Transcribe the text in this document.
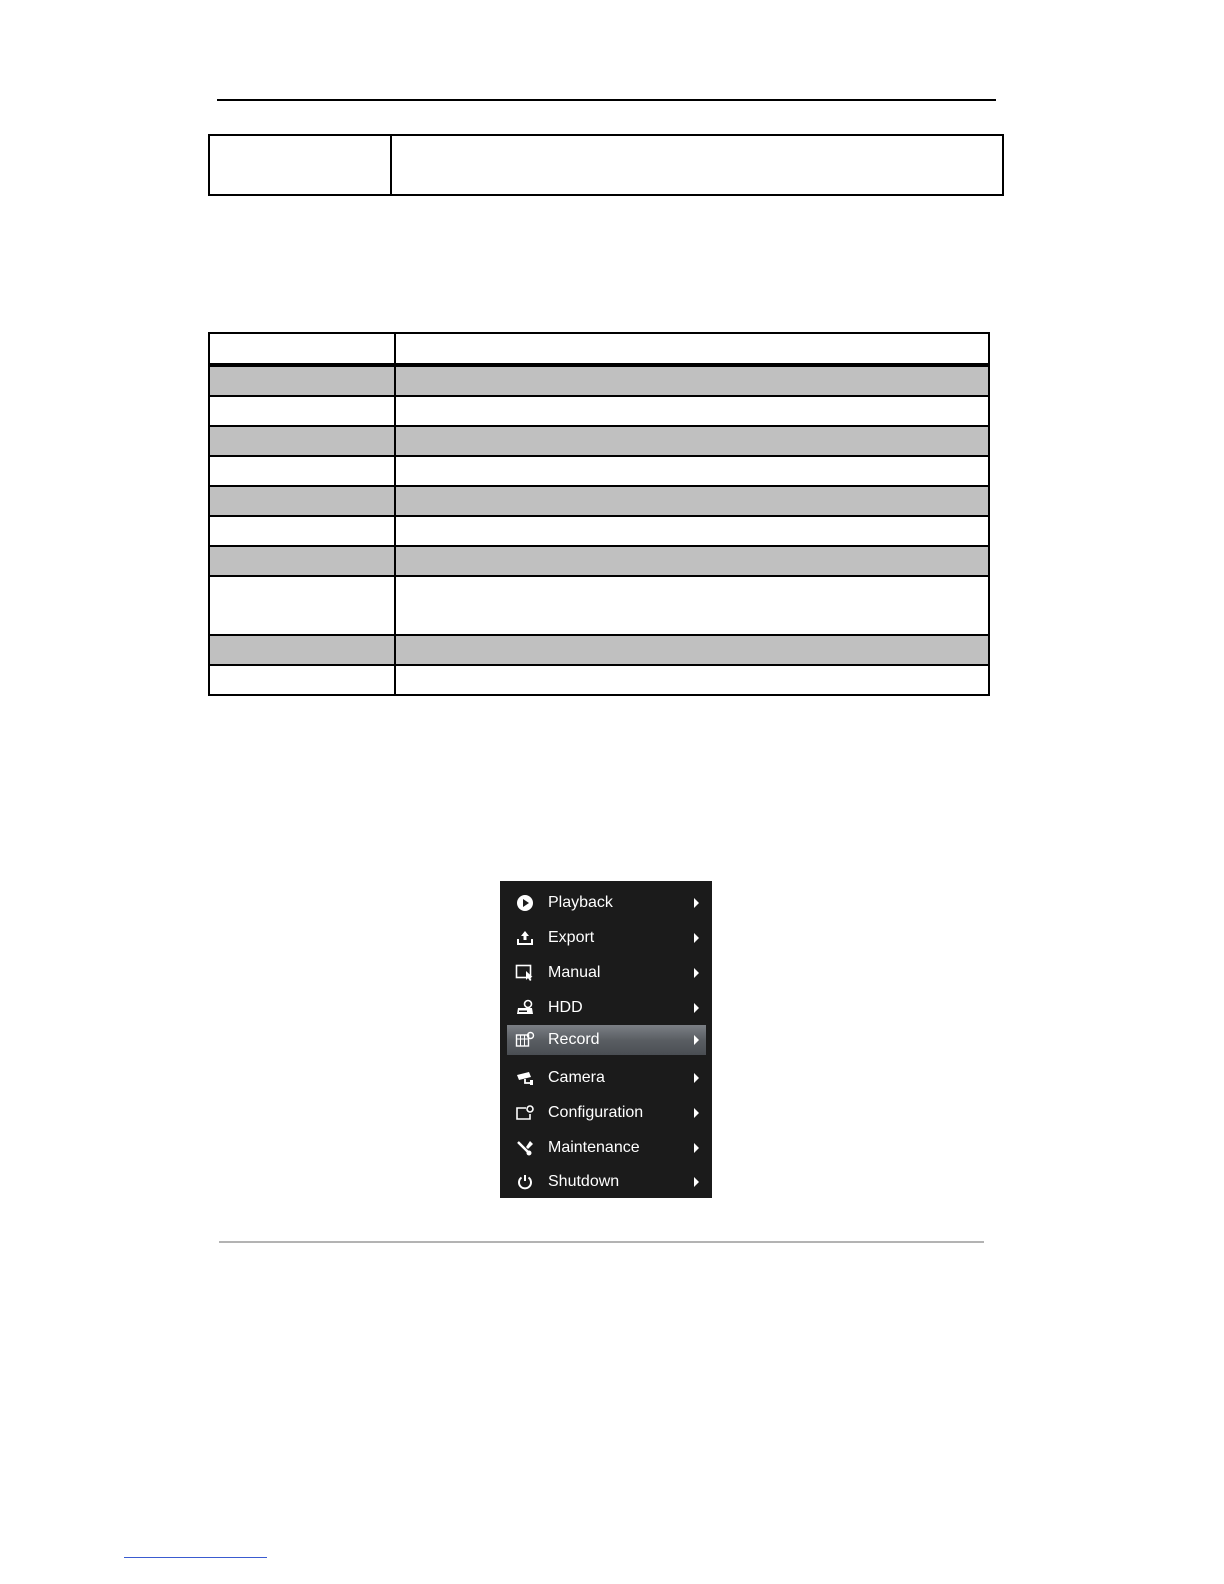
Playback
Export
Manual
HDD
Record
Camera
Configuration
Maintenance
Shutdown
